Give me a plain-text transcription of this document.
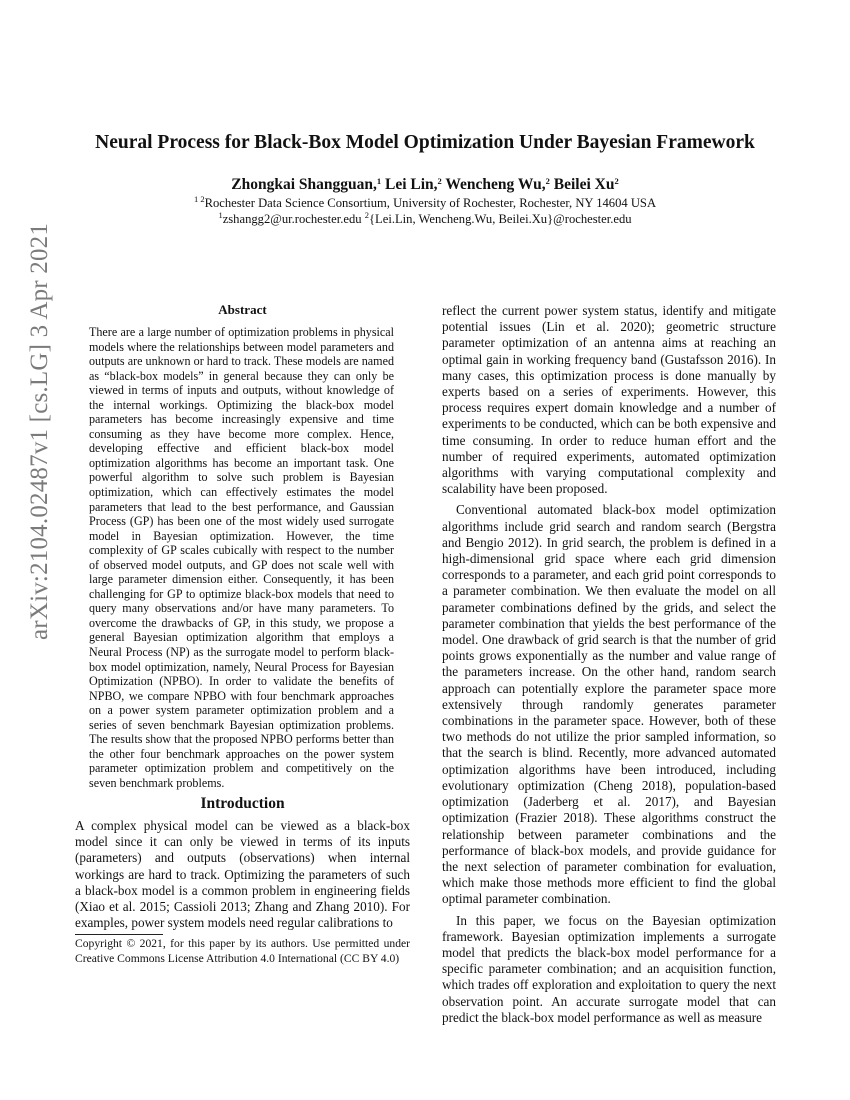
Neural Process for Black-Box Model Optimization Under Bayesian Framework
Zhongkai Shangguan,$^1$ Lei Lin,$^2$ Wencheng Wu,$^2$ Beilei Xu$^2$
$^{1 2}$Rochester Data Science Consortium, University of Rochester, Rochester, NY 14604 USA
$^1$zshangg2@ur.rochester.edu $^2${Lei.Lin, Wencheng.Wu, Beilei.Xu}@rochester.edu
arXiv:2104.02487v1 [cs.LG] 3 Apr 2021	Abstract
There are a large number of optimization problems in physical models where the relationships between model parameters and outputs are unknown or hard to track. These models are named as “black-box models” in general because they can only be viewed in terms of inputs and outputs, without knowledge of the internal workings. Optimizing the black-box model parameters has become increasingly expensive and time consuming as they have become more complex. Hence, developing effective and efficient black-box model optimization algorithms has become an important task. One powerful algorithm to solve such problem is Bayesian optimization, which can effectively estimates the model parameters that lead to the best performance, and Gaussian Process (GP) has been one of the most widely used surrogate model in Bayesian optimization. However, the time complexity of GP scales cubically with respect to the number of observed model outputs, and GP does not scale well with large parameter dimension either. Consequently, it has been challenging for GP to optimize black-box models that need to query many observations and/or have many parameters. To overcome the drawbacks of GP, in this study, we propose a general Bayesian optimization algorithm that employs a Neural Process (NP) as the surrogate model to perform black-box model optimization, namely, Neural Process for Bayesian Optimization (NPBO). In order to validate the benefits of NPBO, we compare NPBO with four benchmark approaches on a power system parameter optimization problem and a series of seven benchmark Bayesian optimization problems. The results show that the proposed NPBO performs better than the other four benchmark approaches on the power system parameter optimization problem and competitively on the seven benchmark problems.
Introduction
A complex physical model can be viewed as a black-box model since it can only be viewed in terms of its inputs (parameters) and outputs (observations) when internal workings are hard to track. Optimizing the parameters of such a black-box model is a common problem in engineering fields (Xiao et al. 2015; Cassioli 2013; Zhang and Zhang 2010). For examples, power system models need regular calibrations to
Copyright © 2021, for this paper by its authors. Use permitted under Creative Commons License Attribution 4.0 International (CC BY 4.0)

reflect the current power system status, identify and mitigate potential issues (Lin et al. 2020); geometric structure parameter optimization of an antenna aims at reaching an optimal gain in working frequency band (Gustafsson 2016). In many cases, this optimization process is done manually by experts based on a series of experiments. However, this process requires expert domain knowledge and a number of experiments to be conducted, which can be both expensive and time consuming. In order to reduce human effort and the number of required experiments, automated optimization algorithms with varying computational complexity and scalability have been proposed.

Conventional automated black-box model optimization algorithms include grid search and random search (Bergstra and Bengio 2012). In grid search, the problem is defined in a high-dimensional grid space where each grid dimension corresponds to a parameter, and each grid point corresponds to a parameter combination. We then evaluate the model on all parameter combinations defined by the grids, and select the parameter combination that yields the best performance of the model. One drawback of grid search is that the number of grid points grows exponentially as the number and value range of the parameters increase. On the other hand, random search approach can potentially explore the parameter space more extensively through randomly generates parameter combinations in the parameter space. However, both of these two methods do not utilize the prior sampled information, so that the search is blind. Recently, more advanced automated optimization algorithms have been introduced, including evolutionary optimization (Cheng 2018), population-based optimization (Jaderberg et al. 2017), and Bayesian optimization (Frazier 2018). These algorithms construct the relationship between parameter combinations and the performance of black-box models, and provide guidance for the next selection of parameter combination for evaluation, which make those methods more efficient to find the global optimal parameter combination.

In this paper, we focus on the Bayesian optimization framework. Bayesian optimization implements a surrogate model that predicts the black-box model performance for a specific parameter combination; and an acquisition function, which trades off exploration and exploitation to query the next observation point. An accurate surrogate model that can predict the black-box model performance as well as measure
